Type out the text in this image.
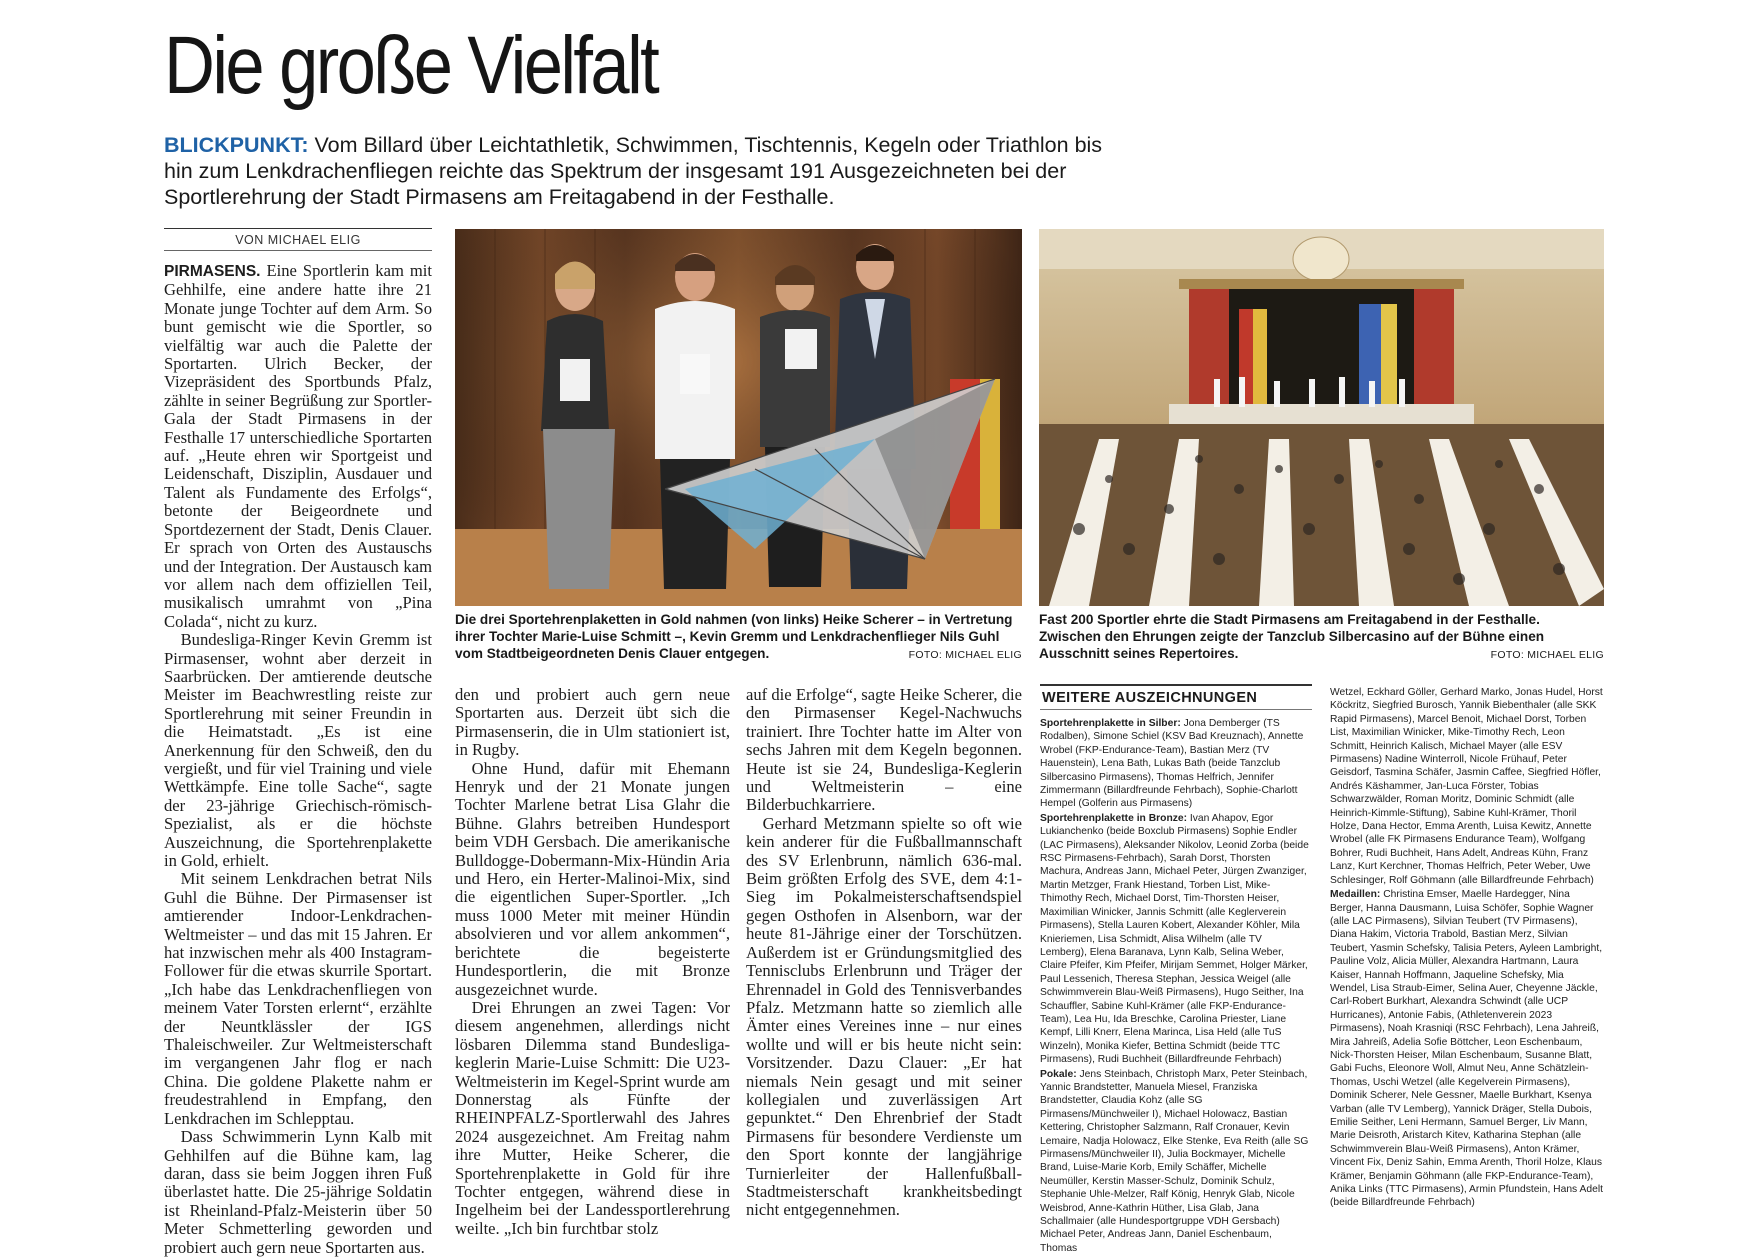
Die große Vielfalt

BLICKPUNKT: Vom Billard über Leichtathletik, Schwimmen, Tischtennis, Kegeln oder Triathlon bis hin zum Lenkdrachenfliegen reichte das Spektrum der insgesamt 191 Ausgezeichneten bei der Sportlerehrung der Stadt Pirmasens am Freitagabend in der Festhalle.

VON MICHAEL ELIG

PIRMASENS. Eine Sportlerin kam mit Gehhilfe, eine andere hatte ihre 21 Monate junge Tochter auf dem Arm. So bunt gemischt wie die Sportler, so vielfältig war auch die Palette der Sportarten. Ulrich Becker, der Vizepräsident des Sportbunds Pfalz, zählte in seiner Begrüßung zur Sportler-Gala der Stadt Pirmasens in der Festhalle 17 unterschiedliche Sportarten auf. „Heute ehren wir Sportgeist und Leidenschaft, Disziplin, Ausdauer und Talent als Fundamente des Erfolgs“, betonte der Beigeordnete und Sportdezernent der Stadt, Denis Clauer. Er sprach von Orten des Austauschs und der Integration. Der Austausch kam vor allem nach dem offiziellen Teil, musikalisch umrahmt von „Pina Colada“, nicht zu kurz.

Bundesliga-Ringer Kevin Gremm ist Pirmasenser, wohnt aber derzeit in Saarbrücken. Der amtierende deutsche Meister im Beachwrestling reiste zur Sportlerehrung mit seiner Freundin in die Heimatstadt. „Es ist eine Anerkennung für den Schweiß, den du vergießt, und für viel Training und viele Wettkämpfe. Eine tolle Sache“, sagte der 23-jährige Griechisch-römisch-Spezialist, als er die höchste Auszeichnung, die Sportehrenplakette in Gold, erhielt.

Mit seinem Lenkdrachen betrat Nils Guhl die Bühne. Der Pirmasenser ist amtierender Indoor-Lenkdrachen-Weltmeister – und das mit 15 Jahren. Er hat inzwischen mehr als 400 Instagram-Follower für die etwas skurrile Sportart. „Ich habe das Lenkdrachenfliegen von meinem Vater Torsten erlernt“, erzählte der Neuntklässler der IGS Thaleischweiler. Zur Weltmeisterschaft im vergangenen Jahr flog er nach China. Die goldene Plakette nahm er freudestrahlend in Empfang, den Lenkdrachen im Schlepptau.

Dass Schwimmerin Lynn Kalb mit Gehhilfen auf die Bühne kam, lag daran, dass sie beim Joggen ihren Fuß überlastet hatte. Die 25-jährige Soldatin ist Rheinland-Pfalz-Meisterin über 50 Meter Schmetterling geworden und probiert auch gern neue Sportarten aus.

Die drei Sportehrenplaketten in Gold nahmen (von links) Heike Scherer – in Vertretung ihrer Tochter Marie-Luise Schmitt –, Kevin Gremm und Lenkdrachenflieger Nils Guhl vom Stadtbeigeordneten Denis Clauer entgegen.	FOTO: MICHAEL ELIG
Fast 200 Sportler ehrte die Stadt Pirmasens am Freitagabend in der Festhalle. Zwischen den Ehrungen zeigte der Tanzclub Silbercasino auf der Bühne einen Ausschnitt seines Repertoires.	FOTO: MICHAEL ELIG

den und probiert auch gern neue Sportarten aus. Derzeit übt sich die Pirmasenserin, die in Ulm stationiert ist, in Rugby.

Ohne Hund, dafür mit Ehemann Henryk und der 21 Monate jungen Tochter Marlene betrat Lisa Glahr die Bühne. Glahrs betreiben Hundesport beim VDH Gersbach. Die amerikanische Bulldogge-Dobermann-Mix-Hündin Aria und Hero, ein Herter-Malinoi-Mix, sind die eigentlichen Super-Sportler. „Ich muss 1000 Meter mit meiner Hündin absolvieren und vor allem ankommen“, berichtete die begeisterte Hundesportlerin, die mit Bronze ausgezeichnet wurde.

Drei Ehrungen an zwei Tagen: Vor diesem angenehmen, allerdings nicht lösbaren Dilemma stand Bundesliga-keglerin Marie-Luise Schmitt: Die U23-Weltmeisterin im Kegel-Sprint wurde am Donnerstag als Fünfte der RHEINPFALZ-Sportlerwahl des Jahres 2024 ausgezeichnet. Am Freitag nahm ihre Mutter, Heike Scherer, die Sportehrenplakette in Gold für ihre Tochter entgegen, während diese in Ingelheim bei der Landessportlerehrung weilte. „Ich bin furchtbar stolz

auf die Erfolge“, sagte Heike Scherer, die den Pirmasenser Kegel-Nachwuchs trainiert. Ihre Tochter hatte im Alter von sechs Jahren mit dem Kegeln begonnen. Heute ist sie 24, Bundesliga-Keglerin und Weltmeisterin – eine Bilderbuchkarriere.

Gerhard Metzmann spielte so oft wie kein anderer für die Fußballmannschaft des SV Erlenbrunn, nämlich 636-mal. Beim größten Erfolg des SVE, dem 4:1-Sieg im Pokalmeisterschaftsendspiel gegen Osthofen in Alsenborn, war der heute 81-Jährige einer der Torschützen. Außerdem ist er Gründungsmitglied des Tennisclubs Erlenbrunn und Träger der Ehrennadel in Gold des Tennisverbandes Pfalz. Metzmann hatte so ziemlich alle Ämter eines Vereines inne – nur eines wollte und will er bis heute nicht sein: Vorsitzender. Dazu Clauer: „Er hat niemals Nein gesagt und mit seiner kollegialen und zuverlässigen Art gepunktet.“ Den Ehrenbrief der Stadt Pirmasens für besondere Verdienste um den Sport konnte der langjährige Turnierleiter der Hallenfußball-Stadtmeisterschaft krankheitsbedingt nicht entgegennehmen.

WEITERE AUSZEICHNUNGEN

Sportehrenplakette in Silber: Jona Demberger (TS Rodalben), Simone Schiel (KSV Bad Kreuznach), Annette Wrobel (FKP-Endurance-Team), Bastian Merz (TV Hauenstein), Lena Bath, Lukas Bath (beide Tanzclub Silbercasino Pirmasens), Thomas Helfrich, Jennifer Zimmermann (Billardfreunde Fehrbach), Sophie-Charlott Hempel (Golferin aus Pirmasens)

Sportehrenplakette in Bronze: Ivan Ahapov, Egor Lukianchenko (beide Boxclub Pirmasens) Sophie Endler (LAC Pirmasens), Aleksander Nikolov, Leonid Zorba (beide RSC Pirmasens-Fehrbach), Sarah Dorst, Thorsten Machura, Andreas Jann, Michael Peter, Jürgen Zwanziger, Martin Metzger, Frank Hiestand, Torben List, Mike-Thimothy Rech, Michael Dorst, Tim-Thorsten Heiser, Maximilian Winicker, Jannis Schmitt (alle Keglerverein Pirmasens), Stella Lauren Kobert, Alexander Köhler, Mila Knieriemen, Lisa Schmidt, Alisa Wilhelm (alle TV Lemberg), Elena Baranava, Lynn Kalb, Selina Weber, Claire Pfeifer, Kim Pfeifer, Mirijam Semmet, Holger Märker, Paul Lessenich, Theresa Stephan, Jessica Weigel (alle Schwimmverein Blau-Weiß Pirmasens), Hugo Seither, Ina Schauffler, Sabine Kuhl-Krämer (alle FKP-Endurance-Team), Lea Hu, Ida Breschke, Carolina Priester, Liane Kempf, Lilli Knerr, Elena Marinca, Lisa Held (alle TuS Winzeln), Monika Kiefer, Bettina Schmidt (beide TTC Pirmasens), Rudi Buchheit (Billardfreunde Fehrbach)

Pokale: Jens Steinbach, Christoph Marx, Peter Steinbach, Yannic Brandstetter, Manuela Miesel, Franziska Brandstetter, Claudia Kohz (alle SG Pirmasens/Münchweiler I), Michael Holowacz, Bastian Kettering, Christopher Salzmann, Ralf Cronauer, Kevin Lemaire, Nadja Holowacz, Elke Stenke, Eva Reith (alle SG Pirmasens/Münchweiler II), Julia Bockmayer, Michelle Brand, Luise-Marie Korb, Emily Schäffer, Michelle Neumüller, Kerstin Masser-Schulz, Dominik Schulz, Stephanie Uhle-Melzer, Ralf König, Henryk Glab, Nicole Weisbrod, Anne-Kathrin Hüther, Lisa Glab, Jana Schallmaier (alle Hundesportgruppe VDH Gersbach) Michael Peter, Andreas Jann, Daniel Eschenbaum, Thomas

Wetzel, Eckhard Göller, Gerhard Marko, Jonas Hudel, Horst Köckritz, Siegfried Burosch, Yannik Biebenthaler (alle SKK Rapid Pirmasens), Marcel Benoit, Michael Dorst, Torben List, Maximilian Winicker, Mike-Timothy Rech, Leon Schmitt, Heinrich Kalisch, Michael Mayer (alle ESV Pirmasens) Nadine Winterroll, Nicole Frühauf, Peter Geisdorf, Tasmina Schäfer, Jasmin Caffee, Siegfried Höfler, Andrés Käshammer, Jan-Luca Förster, Tobias Schwarzwälder, Roman Moritz, Dominic Schmidt (alle Heinrich-Kimmle-Stiftung), Sabine Kuhl-Krämer, Thoril Holze, Dana Hector, Emma Arenth, Luisa Kewitz, Annette Wrobel (alle FK Pirmasens Endurance Team), Wolfgang Bohrer, Rudi Buchheit, Hans Adelt, Andreas Kühn, Franz Lanz, Kurt Kerchner, Thomas Helfrich, Peter Weber, Uwe Schlesinger, Rolf Göhmann (alle Billardfreunde Fehrbach)

Medaillen: Christina Emser, Maelle Hardegger, Nina Berger, Hanna Dausmann, Luisa Schöfer, Sophie Wagner (alle LAC Pirmasens), Silvian Teubert (TV Pirmasens), Diana Hakim, Victoria Trabold, Bastian Merz, Silvian Teubert, Yasmin Schefsky, Talisia Peters, Ayleen Lambright, Pauline Volz, Alicia Müller, Alexandra Hartmann, Laura Kaiser, Hannah Hoffmann, Jaqueline Schefsky, Mia Wendel, Lisa Straub-Eimer, Selina Auer, Cheyenne Jäckle, Carl-Robert Burkhart, Alexandra Schwindt (alle UCP Hurricanes), Antonie Fabis, (Athletenverein 2023 Pirmasens), Noah Krasniqi (RSC Fehrbach), Lena Jahreiß, Mira Jahreiß, Adelia Sofie Böttcher, Leon Eschenbaum, Nick-Thorsten Heiser, Milan Eschenbaum, Susanne Blatt, Gabi Fuchs, Eleonore Woll, Almut Neu, Anne Schätzlein-Thomas, Uschi Wetzel (alle Kegelverein Pirmasens), Dominik Scherer, Nele Gessner, Maelle Burkhart, Ksenya Varban (alle TV Lemberg), Yannick Dräger, Stella Dubois, Emilie Seither, Leni Hermann, Samuel Berger, Liv Mann, Marie Deisroth, Aristarch Kitev, Katharina Stephan (alle Schwimmverein Blau-Weiß Pirmasens), Anton Krämer, Vincent Fix, Deniz Sahin, Emma Arenth, Thoril Holze, Klaus Krämer, Benjamin Göhmann (alle FKP-Endurance-Team), Anika Links (TTC Pirmasens), Armin Pfundstein, Hans Adelt (beide Billardfreunde Fehrbach)
